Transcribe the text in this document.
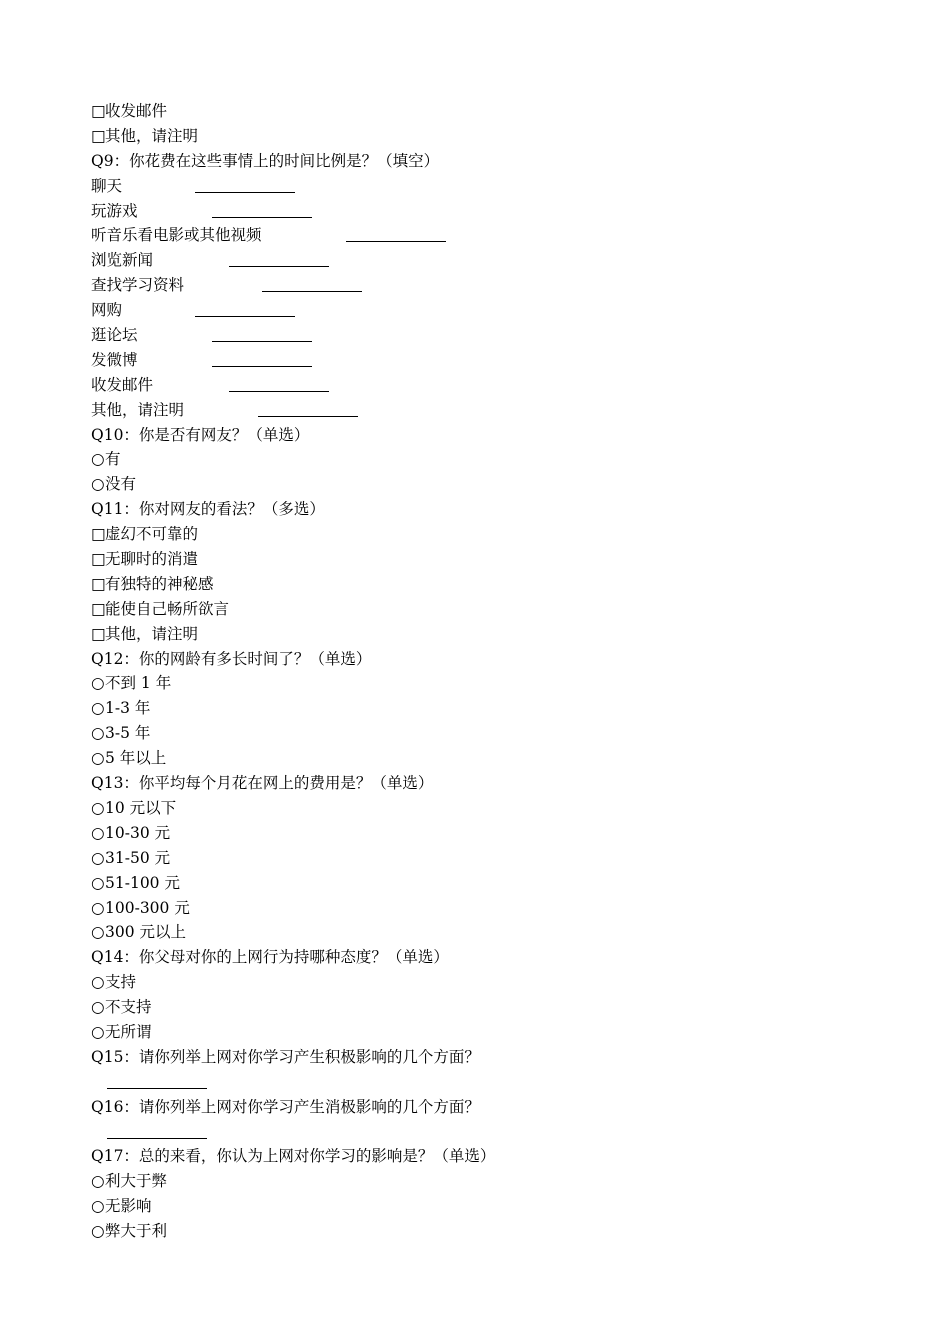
□收发邮件
□其他，请注明
Q9：你花费在这些事情上的时间比例是？（填空）
聊天
玩游戏
听音乐看电影或其他视频
浏览新闻
查找学习资料
网购
逛论坛
发微博
收发邮件
其他，请注明
Q10：你是否有网友？（单选）
○有
○没有
Q11：你对网友的看法？（多选）
□虚幻不可靠的
□无聊时的消遣
□有独特的神秘感
□能使自己畅所欲言
□其他，请注明
Q12：你的网龄有多长时间了？（单选）
○不到 1 年
○1-3 年
○3-5 年
○5 年以上
Q13：你平均每个月花在网上的费用是？（单选）
○10 元以下
○10-30 元
○31-50 元
○51-100 元
○100-300 元
○300 元以上
Q14：你父母对你的上网行为持哪种态度？（单选）
○支持
○不支持
○无所谓
Q15：请你列举上网对你学习产生积极影响的几个方面？
Q16：请你列举上网对你学习产生消极影响的几个方面？
Q17：总的来看，你认为上网对你学习的影响是？（单选）
○利大于弊
○无影响
○弊大于利
